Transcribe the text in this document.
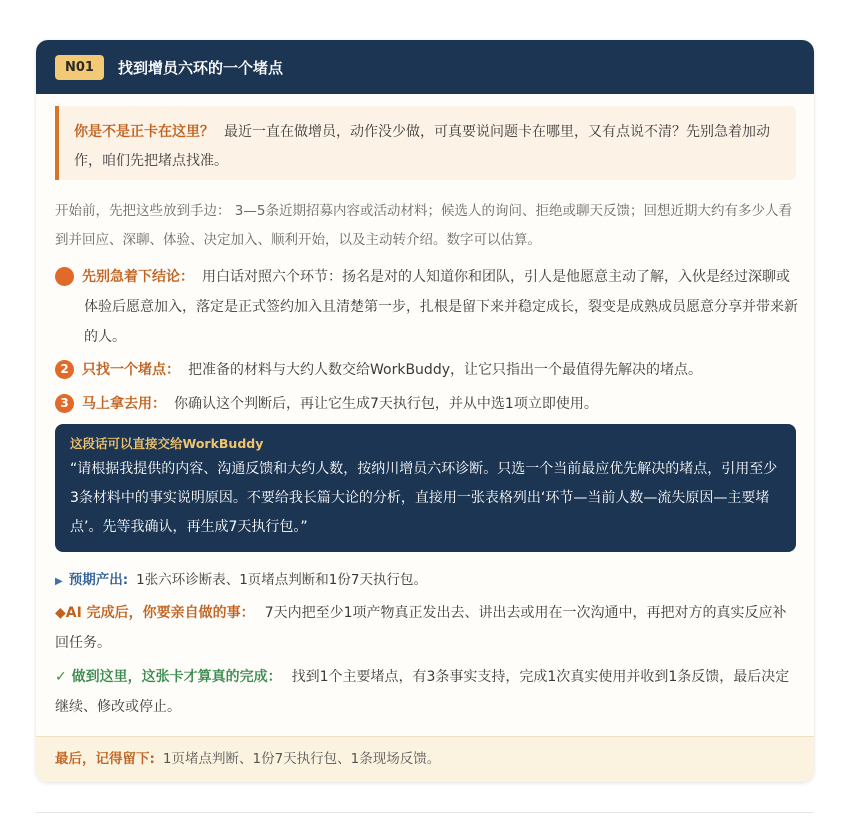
N01	找到增员六环的一个堵点
你是不是正卡在这里？ 最近一直在做增员，动作没少做，可真要说问题卡在哪里，又有点说不清？先别急着加动作，咱们先把堵点找准。
开始前，先把这些放到手边： 3—5条近期招募内容或活动材料；候选人的询问、拒绝或聊天反馈；回想近期大约有多少人看到并回应、深聊、体验、决定加入、顺利开始，以及主动转介绍。数字可以估算。
1 先别急着下结论： 用白话对照六个环节：扬名是对的人知道你和团队，引人是他愿意主动了解，入伙是经过深聊或体验后愿意加入，落定是正式签约加入且清楚第一步，扎根是留下来并稳定成长，裂变是成熟成员愿意分享并带来新的人。
2 只找一个堵点： 把准备的材料与大约人数交给WorkBuddy，让它只指出一个最值得先解决的堵点。
3 马上拿去用： 你确认这个判断后，再让它生成7天执行包，并从中选1项立即使用。
这段话可以直接交给WorkBuddy
“请根据我提供的内容、沟通反馈和大约人数，按纳川增员六环诊断。只选一个当前最应优先解决的堵点，引用至少3条材料中的事实说明原因。不要给我长篇大论的分析，直接用一张表格列出‘环节—当前人数—流失原因—主要堵点’。先等我确认，再生成7天执行包。”
▶ 预期产出: 1张六环诊断表、1页堵点判断和1份7天执行包。
◆AI 完成后，你要亲自做的事： 7天内把至少1项产物真正发出去、讲出去或用在一次沟通中，再把对方的真实反应补回任务。
✓ 做到这里，这张卡才算真的完成： 找到1个主要堵点，有3条事实支持，完成1次真实使用并收到1条反馈，最后决定继续、修改或停止。
最后，记得留下: 1页堵点判断、1份7天执行包、1条现场反馈。
